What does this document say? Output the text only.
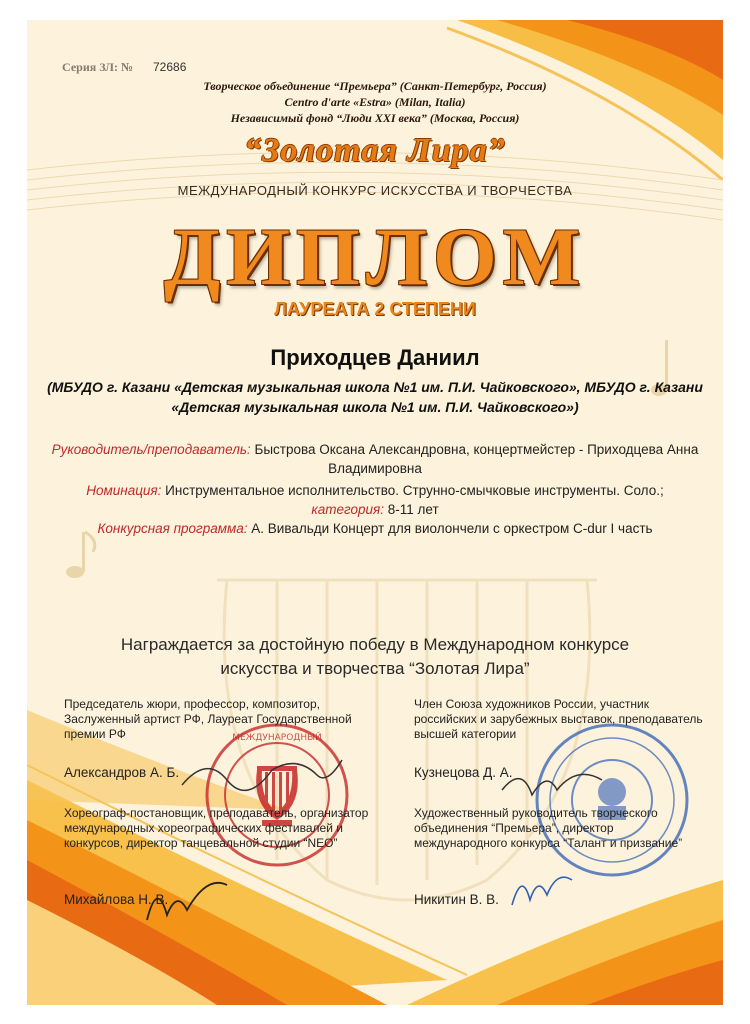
Серия ЗЛ: № 72686
Творческое объединение “Премьера” (Санкт-Петербург, Россия)
Centro d'arte «Estra» (Milan, Italia)
Независимый фонд “Люди XXI века” (Москва, Россия)
“Золотая Лира”
МЕЖДУНАРОДНЫЙ КОНКУРС ИСКУССТВА И ТВОРЧЕСТВА
ДИПЛОМ
ЛАУРЕАТА 2 СТЕПЕНИ
Приходцев Даниил
(МБУДО г. Казани «Детская музыкальная школа №1 им. П.И. Чайковского», МБУДО г. Казани «Детская музыкальная школа №1 им. П.И. Чайковского»)
Руководитель/преподаватель: Быстрова Оксана Александровна, концертмейстер - Приходцева Анна Владимировна
Номинация: Инструментальное исполнительство. Струнно-смычковые инструменты. Соло.;
категория: 8-11 лет
Конкурсная программа: А. Вивальди Концерт для виолончели с оркестром C-dur I часть
Награждается за достойную победу в Международном конкурсе искусства и творчества “Золотая Лира”
МЕЖДУНАРОДНЫЙ
Председатель жюри, профессор, композитор, Заслуженный артист РФ, Лауреат Государственной премии РФ
Александров А. Б.
Хореограф-постановщик, преподаватель, организатор международных хореографических фестивалей и конкурсов, директор танцевальной студии “NEO”
Михайлова Н. В.
Член Союза художников России, участник российских и зарубежных выставок, преподаватель высшей категории
Кузнецова Д. А.
Художественный руководитель творческого объединения “Премьера”, директор международного конкурса “Талант и призвание”
Никитин В. В.
